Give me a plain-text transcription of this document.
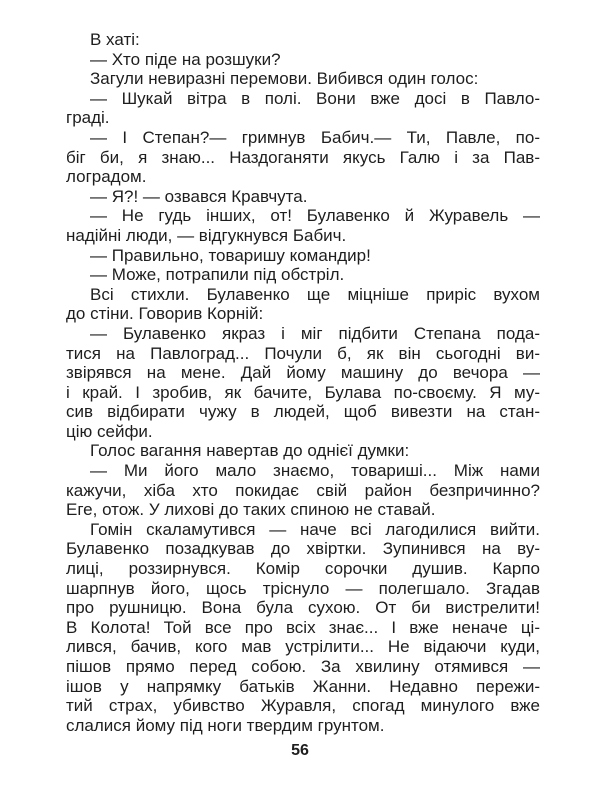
В хаті:
— Хто піде на розшуки?
Загули невиразні перемови. Вибився один голос:
— Шукай вітра в полі. Вони вже досі в Павло-
граді.
— І Степан?— гримнув Бабич.— Ти, Павле, по-
біг би, я знаю... Наздоганяти якусь Галю і за Пав-
лоградом.
— Я?! — озвався Кравчута.
— Не гудь інших, от! Булавенко й Журавель —
надійні люди, — відгукнувся Бабич.
— Правильно, товаришу командир!
— Може, потрапили під обстріл.
Всі стихли. Булавенко ще міцніше приріс вухом
до стіни. Говорив Корній:
— Булавенко якраз і міг підбити Степана пода-
тися на Павлоград... Почули б, як він сьогодні ви-
звірявся на мене. Дай йому машину до вечора —
і край. І зробив, як бачите, Булава по-своєму. Я му-
сив відбирати чужу в людей, щоб вивезти на стан-
цію сейфи.
Голос вагання навертав до однієї думки:
— Ми його мало знаємо, товариші... Між нами
кажучи, хіба хто покидає свій район безпричинно?
Еге, отож. У лихові до таких спиною не ставай.
Гомін скаламутився — наче всі лагодилися вийти.
Булавенко позадкував до хвіртки. Зупинився на ву-
лиці, роззирнувся. Комір сорочки душив. Карпо
шарпнув його, щось тріснуло — полегшало. Згадав
про рушницю. Вона була сухою. От би вистрелити!
В Колота! Той все про всіх знає... І вже неначе ці-
лився, бачив, кого мав устрілити... Не відаючи куди,
пішов прямо перед собою. За хвилину отямився —
ішов у напрямку батьків Жанни. Недавно пережи-
тий страх, убивство Журавля, спогад минулого вже
слалися йому під ноги твердим грунтом.
56
